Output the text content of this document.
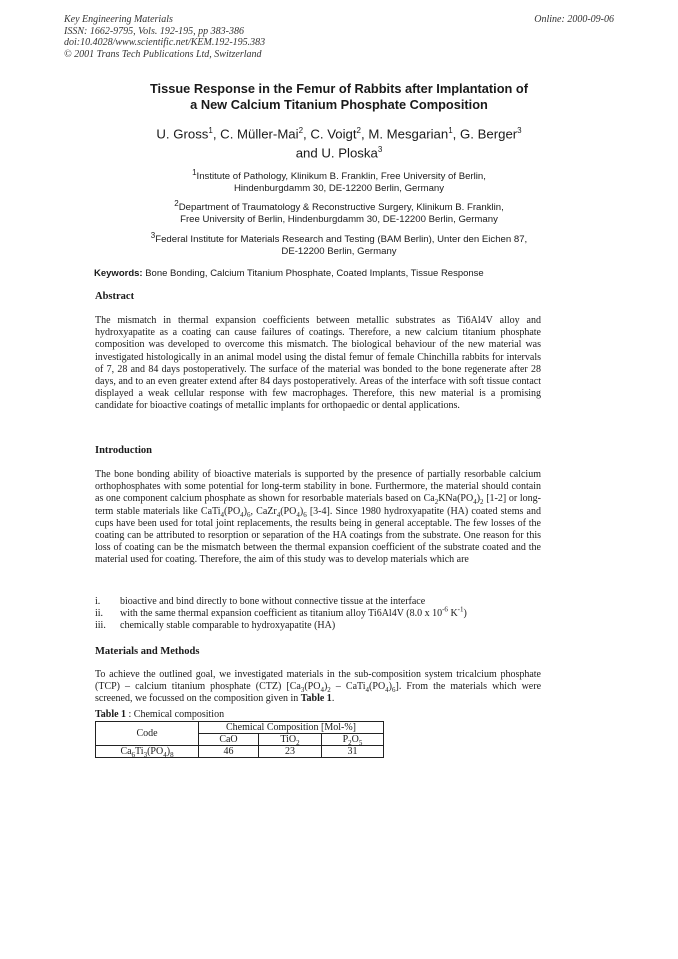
Key Engineering Materials
ISSN: 1662-9795, Vols. 192-195, pp 383-386
doi:10.4028/www.scientific.net/KEM.192-195.383
© 2001 Trans Tech Publications Ltd, Switzerland
Online: 2000-09-06
Tissue Response in the Femur of Rabbits after Implantation of
a New Calcium Titanium Phosphate Composition
U. Gross$^1$, C. Müller-Mai$^2$, C. Voigt$^2$, M. Mesgarian$^1$, G. Berger$^3$
and U. Ploska$^3$
$^1$Institute of Pathology, Klinikum B. Franklin, Free University of Berlin,
Hindenburgdamm 30, DE-12200 Berlin, Germany
$^2$Department of Traumatology & Reconstructive Surgery, Klinikum B. Franklin,
Free University of Berlin, Hindenburgdamm 30, DE-12200 Berlin, Germany
$^3$Federal Institute for Materials Research and Testing (BAM Berlin), Unter den Eichen 87,
DE-12200 Berlin, Germany
Keywords: Bone Bonding, Calcium Titanium Phosphate, Coated Implants, Tissue Response
Abstract
The mismatch in thermal expansion coefficients between metallic substrates as Ti6Al4V alloy and hydroxyapatite as a coating can cause failures of coatings. Therefore, a new calcium titanium phosphate composition was developed to overcome this mismatch. The biological behaviour of the new material was investigated histologically in an animal model using the distal femur of female Chinchilla rabbits for intervals of 7, 28 and 84 days postoperatively. The surface of the material was bonded to the bone regenerate after 28 days, and to an even greater extend after 84 days postoperatively. Areas of the interface with soft tissue contact displayed a weak cellular response with few macrophages. Therefore, this new material is a promising candidate for bioactive coatings of metallic implants for orthopaedic or dental applications.
Introduction
The bone bonding ability of bioactive materials is supported by the presence of partially resorbable calcium orthophosphates with some potential for long-term stability in bone. Furthermore, the material should contain as one component calcium phosphate as shown for resorbable materials based on $Ca_2KNa(PO_4)_2$ [1-2] or long-term stable materials like $CaTi_4(PO_4)_6$, $CaZr_4(PO_4)_6$ [3-4]. Since 1980 hydroxyapatite (HA) coated stems and cups have been used for total joint replacements, the results being in general acceptable. The few losses of the coating can be attributed to resorption or separation of the HA coatings from the substrate. One reason for this loss of coating can be the mismatch between the thermal expansion coefficient of the substrate coated and the material used for coating. Therefore, the aim of this study was to develop materials which are
i.	bioactive and bind directly to bone without connective tissue at the interface
ii.	with the same thermal expansion coefficient as titanium alloy Ti6Al4V (8.0 x $10^{-6}$ $K^{-1}$)
iii.	chemically stable comparable to hydroxyapatite (HA)
Materials and Methods
To achieve the outlined goal, we investigated materials in the sub-composition system tricalcium phosphate (TCP) – calcium titanium phosphate (CTZ) [$Ca_3(PO_4)_2$ – $CaTi_4(PO_4)_6$]. From the materials which were screened, we focussed on the composition given in Table 1.
Table 1 : Chemical composition
Code	Chemical Composition [Mol-%]		
	CaO	TiO$_2$	$P_2O_5$
$Ca_6Ti_3(PO_4)_8$	46	23	31
